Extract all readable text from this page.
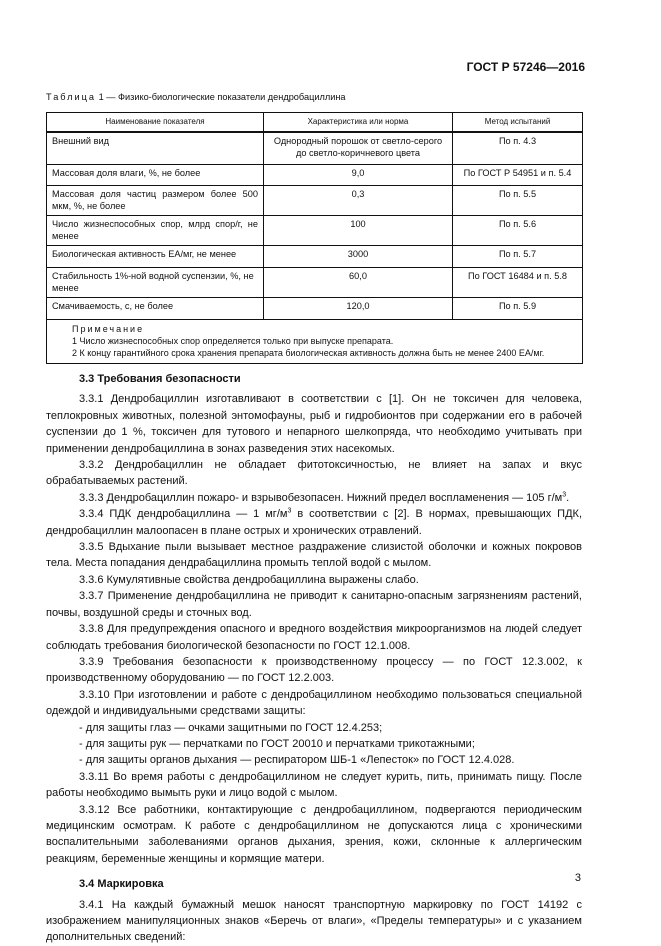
ГОСТ Р 57246—2016
Таблица 1 — Физико-биологические показатели дендробациллина
Наименование показателя	Характеристика или норма	Метод испытаний
Внешний вид	Однородный порошок от светло-серого до светло-коричневого цвета	По п. 4.3
Массовая доля влаги, %, не более	9,0	По ГОСТ Р 54951 и п. 5.4
Массовая доля частиц размером более 500 мкм, %, не более	0,3	По п. 5.5
Число жизнеспособных спор, млрд спор/г, не менее	100	По п. 5.6
Биологическая активность ЕА/мг, не менее	3000	По п. 5.7
Стабильность 1%-ной водной суспензии, %, не менее	60,0	По ГОСТ 16484 и п. 5.8
Смачиваемость, с, не более	120,0	По п. 5.9

Примечание
1 Число жизнеспособных спор определяется только при выпуске препарата.
2 К концу гарантийного срока хранения препарата биологическая активность должна быть не менее 2400 ЕА/мг.		
3.3 Требования безопасности

3.3.1 Дендробациллин изготавливают в соответствии с [1]. Он не токсичен для человека, теплокровных животных, полезной энтомофауны, рыб и гидробионтов при содержании его в рабочей суспензии до 1 %, токсичен для тутового и непарного шелкопряда, что необходимо учитывать при применении дендробациллина в зонах разведения этих насекомых.

3.3.2 Дендробациллин не обладает фитотоксичностью, не влияет на запах и вкус обрабатываемых растений.

3.3.3 Дендробациллин пожаро- и взрывобезопасен. Нижний предел воспламенения — 105 $г/м^3$.

3.3.4 ПДК дендробациллина — 1 $мг/м^3$ в соответствии с [2]. В нормах, превышающих ПДК, дендробациллин малоопасен в плане острых и хронических отравлений.

3.3.5 Вдыхание пыли вызывает местное раздражение слизистой оболочки и кожных покровов тела. Места попадания дендрабациллина промыть теплой водой с мылом.

3.3.6 Кумулятивные свойства дендробациллина выражены слабо.

3.3.7 Применение дендробациллина не приводит к санитарно-опасным загрязнениям растений, почвы, воздушной среды и сточных вод.

3.3.8 Для предупреждения опасного и вредного воздействия микроорганизмов на людей следует соблюдать требования биологической безопасности по ГОСТ 12.1.008.

3.3.9 Требования безопасности к производственному процессу — по ГОСТ 12.3.002, к производственному оборудованию — по ГОСТ 12.2.003.

3.3.10 При изготовлении и работе с дендробациллином необходимо пользоваться специальной одеждой и индивидуальными средствами защиты:

- для защиты глаз — очками защитными по ГОСТ 12.4.253;

- для защиты рук — перчатками по ГОСТ 20010 и перчатками трикотажными;

- для защиты органов дыхания — респиратором ШБ-1 «Лепесток» по ГОСТ 12.4.028.

3.3.11 Во время работы с дендробациллином не следует курить, пить, принимать пищу. После работы необходимо вымыть руки и лицо водой с мылом.

3.3.12 Все работники, контактирующие с дендробациллином, подвергаются периодическим медицинским осмотрам. К работе с дендробациллином не допускаются лица с хроническими воспалительными заболеваниями органов дыхания, зрения, кожи, склонные к аллергическим реакциям, беременные женщины и кормящие матери.

3.4 Маркировка

3.4.1 На каждый бумажный мешок наносят транспортную маркировку по ГОСТ 14192 с изображением манипуляционных знаков «Беречь от влаги», «Пределы температуры» и с указанием дополнительных сведений:

3
